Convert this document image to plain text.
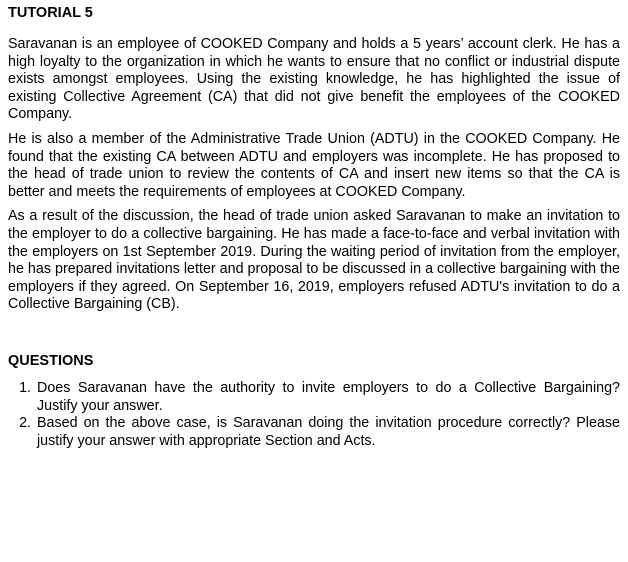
TUTORIAL 5

Saravanan is an employee of COOKED Company and holds a 5 years’ account clerk. He has a high loyalty to the organization in which he wants to ensure that no conflict or industrial dispute exists amongst employees. Using the existing knowledge, he has highlighted the issue of existing Collective Agreement (CA) that did not give benefit the employees of the COOKED Company.

He is also a member of the Administrative Trade Union (ADTU) in the COOKED Company. He found that the existing CA between ADTU and employers was incomplete. He has proposed to the head of trade union to review the contents of CA and insert new items so that the CA is better and meets the requirements of employees at COOKED Company.

As a result of the discussion, the head of trade union asked Saravanan to make an invitation to the employer to do a collective bargaining. He has made a face-to-face and verbal invitation with the employers on 1st September 2019. During the waiting period of invitation from the employer, he has prepared invitations letter and proposal to be discussed in a collective bargaining with the employers if they agreed. On September 16, 2019, employers refused ADTU's invitation to do a Collective Bargaining (CB).

QUESTIONS
1. Does Saravanan have the authority to invite employers to do a Collective Bargaining? Justify your answer.
2. Based on the above case, is Saravanan doing the invitation procedure correctly? Please justify your answer with appropriate Section and Acts.
